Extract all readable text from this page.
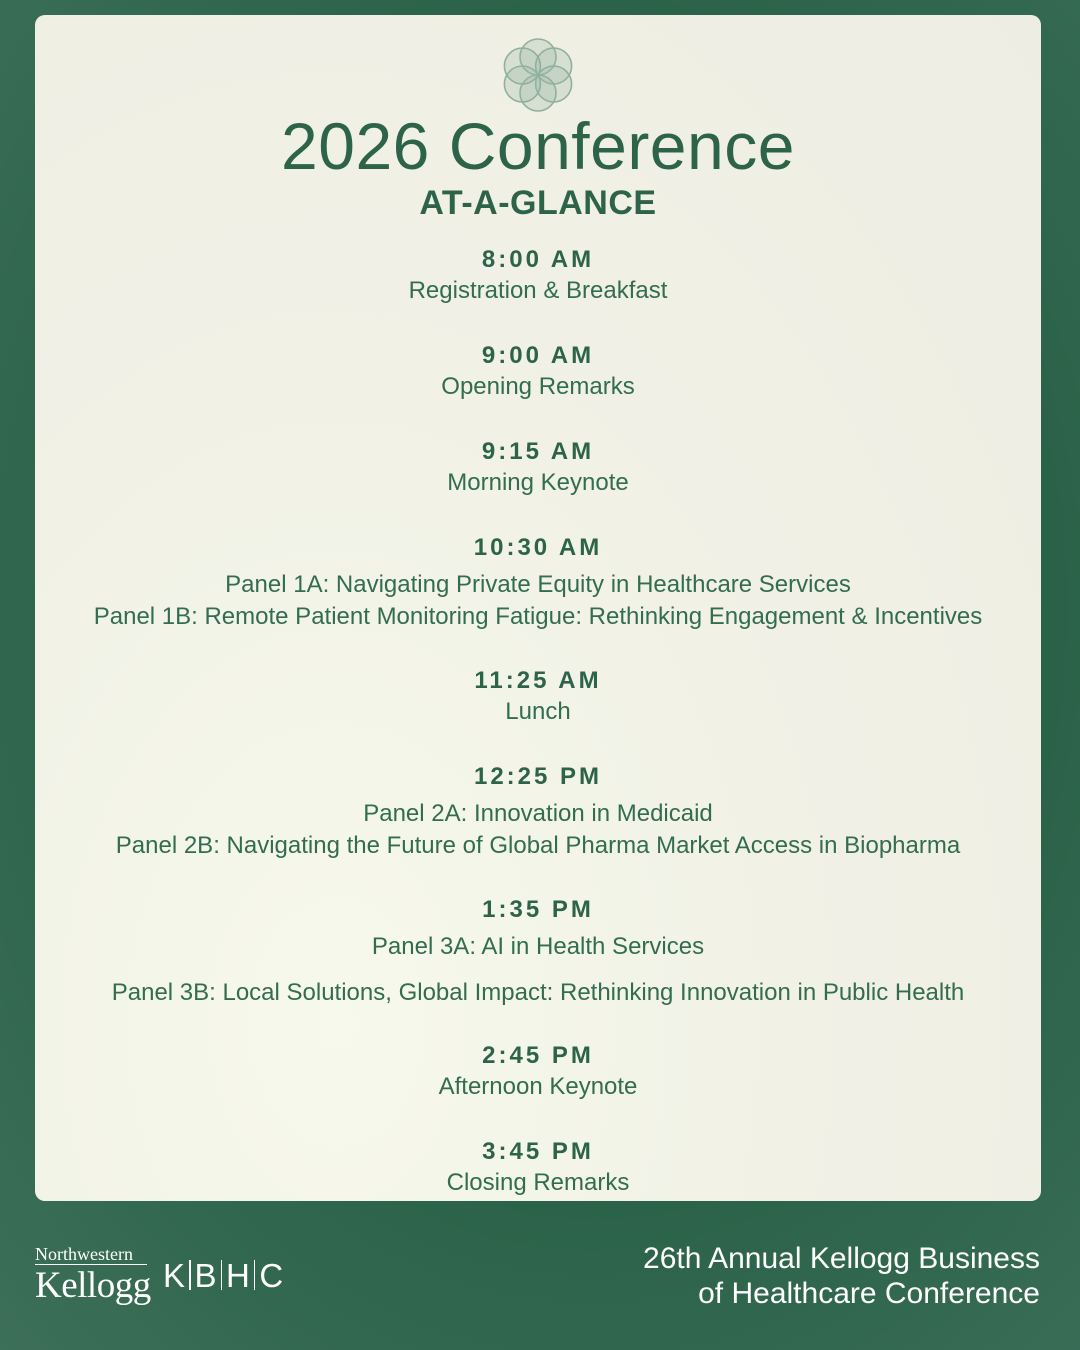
2026 Conference
AT-A-GLANCE
8:00 AM
Registration & Breakfast
9:00 AM
Opening Remarks
9:15 AM
Morning Keynote
10:30 AM
Panel 1A: Navigating Private Equity in Healthcare Services
Panel 1B: Remote Patient Monitoring Fatigue: Rethinking Engagement & Incentives
11:25 AM
Lunch
12:25 PM
Panel 2A: Innovation in Medicaid
Panel 2B: Navigating the Future of Global Pharma Market Access in Biopharma
1:35 PM
Panel 3A: AI in Health Services
Panel 3B: Local Solutions, Global Impact: Rethinking Innovation in Public Health
2:45 PM
Afternoon Keynote
3:45 PM
Closing Remarks
Northwestern
Kellogg K B H C	26th Annual Kellogg Business
of Healthcare Conference
